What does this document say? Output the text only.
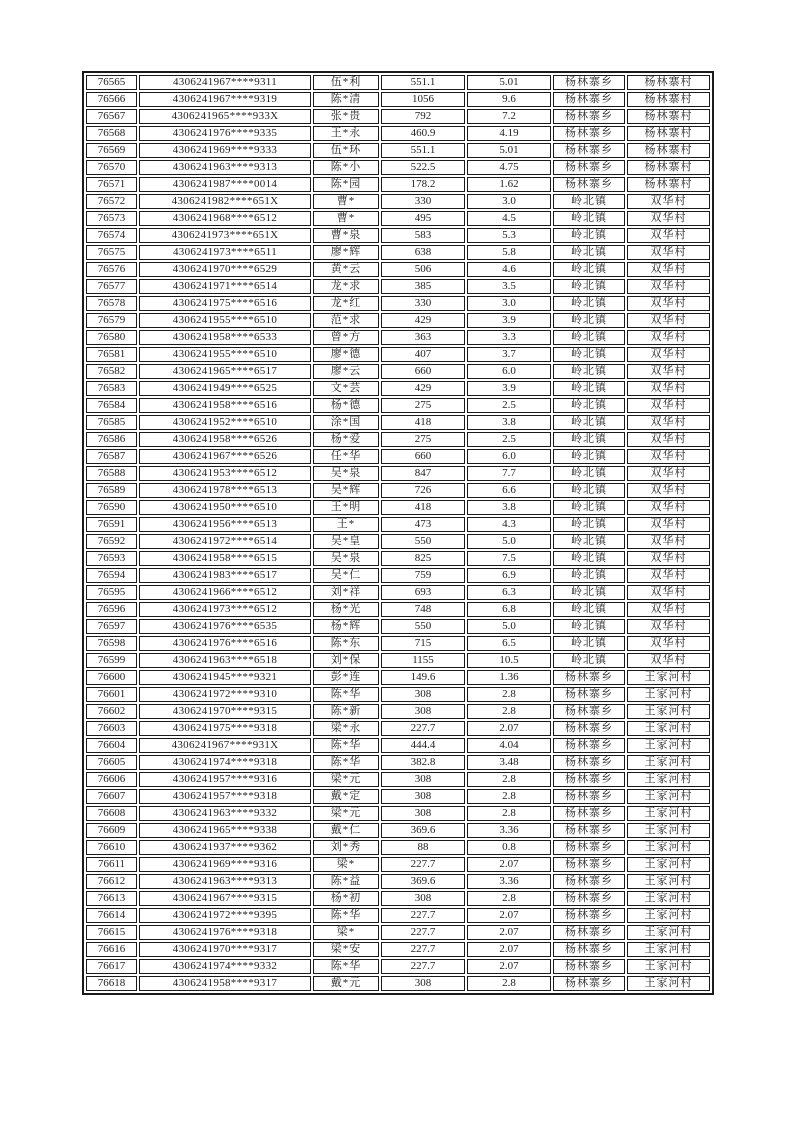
76565	4306241967****9311	伍*利	551.1	5.01	杨林寨乡	杨林寨村
76566	4306241967****9319	陈*清	1056	9.6	杨林寨乡	杨林寨村
76567	4306241965****933X	张*贵	792	7.2	杨林寨乡	杨林寨村
76568	4306241976****9335	王*永	460.9	4.19	杨林寨乡	杨林寨村
76569	4306241969****9333	伍*环	551.1	5.01	杨林寨乡	杨林寨村
76570	4306241963****9313	陈*小	522.5	4.75	杨林寨乡	杨林寨村
76571	4306241987****0014	陈*园	178.2	1.62	杨林寨乡	杨林寨村
76572	4306241982****651X	曹*	330	3.0	岭北镇	双华村
76573	4306241968****6512	曹*	495	4.5	岭北镇	双华村
76574	4306241973****651X	曹*泉	583	5.3	岭北镇	双华村
76575	4306241973****6511	廖*辉	638	5.8	岭北镇	双华村
76576	4306241970****6529	黄*云	506	4.6	岭北镇	双华村
76577	4306241971****6514	龙*求	385	3.5	岭北镇	双华村
76578	4306241975****6516	龙*红	330	3.0	岭北镇	双华村
76579	4306241955****6510	范*求	429	3.9	岭北镇	双华村
76580	4306241958****6533	曾*方	363	3.3	岭北镇	双华村
76581	4306241955****6510	廖*德	407	3.7	岭北镇	双华村
76582	4306241965****6517	廖*云	660	6.0	岭北镇	双华村
76583	4306241949****6525	文*芸	429	3.9	岭北镇	双华村
76584	4306241958****6516	杨*德	275	2.5	岭北镇	双华村
76585	4306241952****6510	涂*国	418	3.8	岭北镇	双华村
76586	4306241958****6526	杨*爱	275	2.5	岭北镇	双华村
76587	4306241967****6526	任*华	660	6.0	岭北镇	双华村
76588	4306241953****6512	吴*泉	847	7.7	岭北镇	双华村
76589	4306241978****6513	吴*辉	726	6.6	岭北镇	双华村
76590	4306241950****6510	王*明	418	3.8	岭北镇	双华村
76591	4306241956****6513	王*	473	4.3	岭北镇	双华村
76592	4306241972****6514	吴*皇	550	5.0	岭北镇	双华村
76593	4306241958****6515	吴*泉	825	7.5	岭北镇	双华村
76594	4306241983****6517	吴*仁	759	6.9	岭北镇	双华村
76595	4306241966****6512	刘*祥	693	6.3	岭北镇	双华村
76596	4306241973****6512	杨*光	748	6.8	岭北镇	双华村
76597	4306241976****6535	杨*辉	550	5.0	岭北镇	双华村
76598	4306241976****6516	陈*东	715	6.5	岭北镇	双华村
76599	4306241963****6518	刘*保	1155	10.5	岭北镇	双华村
76600	4306241945****9321	彭*连	149.6	1.36	杨林寨乡	王家河村
76601	4306241972****9310	陈*华	308	2.8	杨林寨乡	王家河村
76602	4306241970****9315	陈*新	308	2.8	杨林寨乡	王家河村
76603	4306241975****9318	梁*永	227.7	2.07	杨林寨乡	王家河村
76604	4306241967****931X	陈*华	444.4	4.04	杨林寨乡	王家河村
76605	4306241974****9318	陈*华	382.8	3.48	杨林寨乡	王家河村
76606	4306241957****9316	梁*元	308	2.8	杨林寨乡	王家河村
76607	4306241957****9318	戴*定	308	2.8	杨林寨乡	王家河村
76608	4306241963****9332	梁*元	308	2.8	杨林寨乡	王家河村
76609	4306241965****9338	戴*仁	369.6	3.36	杨林寨乡	王家河村
76610	4306241937****9362	刘*秀	88	0.8	杨林寨乡	王家河村
76611	4306241969****9316	梁*	227.7	2.07	杨林寨乡	王家河村
76612	4306241963****9313	陈*益	369.6	3.36	杨林寨乡	王家河村
76613	4306241967****9315	杨*初	308	2.8	杨林寨乡	王家河村
76614	4306241972****9395	陈*华	227.7	2.07	杨林寨乡	王家河村
76615	4306241976****9318	梁*	227.7	2.07	杨林寨乡	王家河村
76616	4306241970****9317	梁*安	227.7	2.07	杨林寨乡	王家河村
76617	4306241974****9332	陈*华	227.7	2.07	杨林寨乡	王家河村
76618	4306241958****9317	戴*元	308	2.8	杨林寨乡	王家河村
